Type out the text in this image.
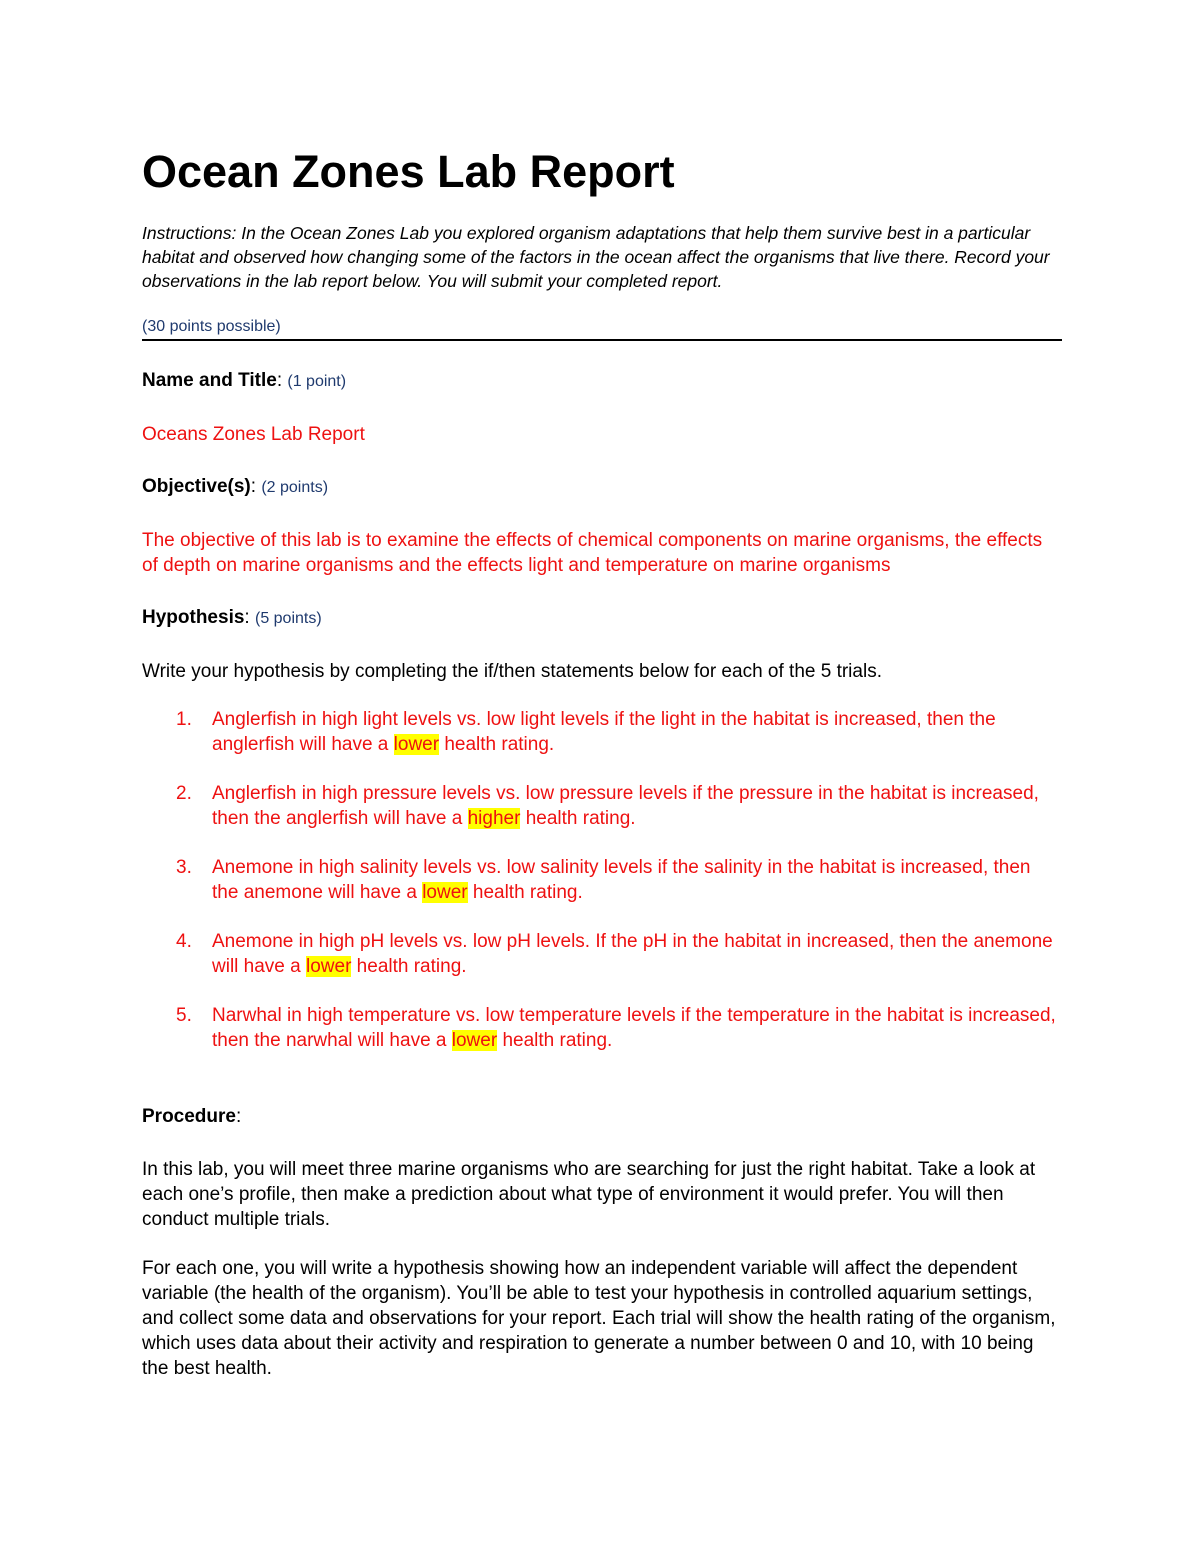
Ocean Zones Lab Report

Instructions: In the Ocean Zones Lab you explored organism adaptations that help them survive best in a particular habitat and observed how changing some of the factors in the ocean affect the organisms that live there. Record your observations in the lab report below. You will submit your completed report.

(30 points possible)

Name and Title: (1 point)

Oceans Zones Lab Report

Objective(s): (2 points)

The objective of this lab is to examine the effects of chemical components on marine organisms, the effects of depth on marine organisms and the effects light and temperature on marine organisms

Hypothesis: (5 points)

Write your hypothesis by completing the if/then statements below for each of the 5 trials.

1. Anglerfish in high light levels vs. low light levels if the light in the habitat is increased, then the anglerfish will have a lower health rating.
2. Anglerfish in high pressure levels vs. low pressure levels if the pressure in the habitat is increased, then the anglerfish will have a higher health rating.
3. Anemone in high salinity levels vs. low salinity levels if the salinity in the habitat is increased, then the anemone will have a lower health rating.
4. Anemone in high pH levels vs. low pH levels. If the pH in the habitat in increased, then the anemone will have a lower health rating.
5. Narwhal in high temperature vs. low temperature levels if the temperature in the habitat is increased, then the narwhal will have a lower health rating.

Procedure:

In this lab, you will meet three marine organisms who are searching for just the right habitat. Take a look at each one’s profile, then make a prediction about what type of environment it would prefer. You will then conduct multiple trials.

For each one, you will write a hypothesis showing how an independent variable will affect the dependent variable (the health of the organism). You’ll be able to test your hypothesis in controlled aquarium settings, and collect some data and observations for your report. Each trial will show the health rating of the organism, which uses data about their activity and respiration to generate a number between 0 and 10, with 10 being the best health.
